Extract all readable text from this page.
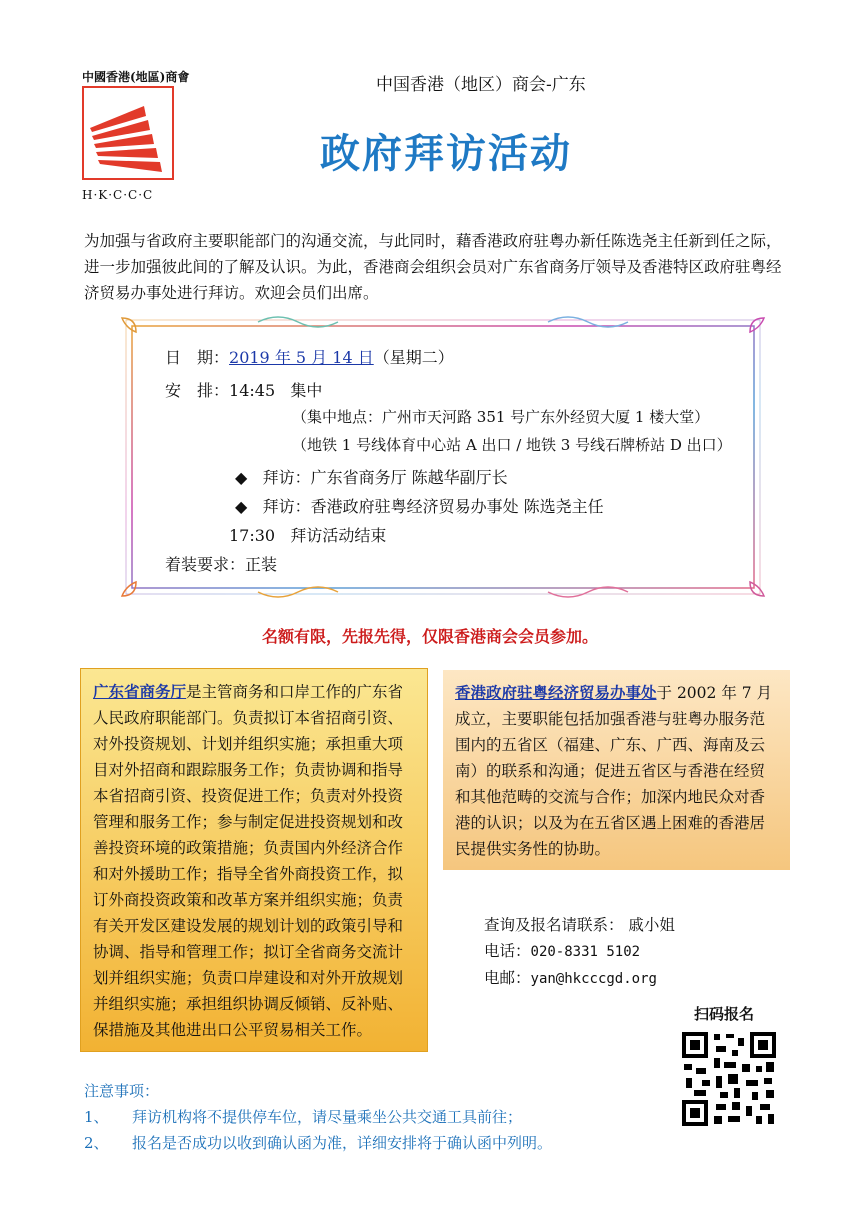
中國香港(地區)商會
H·K·C·C·C
中国香港（地区）商会-广东
政府拜访活动
为加强与省政府主要职能部门的沟通交流，与此同时，藉香港政府驻粤办新任陈选尧主任新到任之际，进一步加强彼此间的了解及认识。为此，香港商会组织会员对广东省商务厅领导及香港特区政府驻粤经济贸易办事处进行拜访。欢迎会员们出席。
日　期：2019 年 5 月 14 日（星期二）
安　排：14:45 集中
（集中地点：广州市天河路 351 号广东外经贸大厦 1 楼大堂）
（地铁 1 号线体育中心站 A 出口 / 地铁 3 号线石牌桥站 D 出口）
◆ 拜访：广东省商务厅 陈越华副厅长
◆ 拜访：香港政府驻粤经济贸易办事处 陈选尧主任
17:30 拜访活动结束
着装要求：正装
名额有限，先报先得，仅限香港商会会员参加。
广东省商务厅是主管商务和口岸工作的广东省人民政府职能部门。负责拟订本省招商引资、对外投资规划、计划并组织实施；承担重大项目对外招商和跟踪服务工作；负责协调和指导本省招商引资、投资促进工作；负责对外投资管理和服务工作；参与制定促进投资规划和改善投资环境的政策措施；负责国内外经济合作和对外援助工作；指导全省外商投资工作，拟订外商投资政策和改革方案并组织实施；负责有关开发区建设发展的规划计划的政策引导和协调、指导和管理工作；拟订全省商务交流计划并组织实施；负责口岸建设和对外开放规划并组织实施；承担组织协调反倾销、反补贴、保措施及其他进出口公平贸易相关工作。
香港政府驻粤经济贸易办事处于 2002 年 7 月成立，主要职能包括加强香港与驻粤办服务范围内的五省区（福建、广东、广西、海南及云南）的联系和沟通；促进五省区与香港在经贸和其他范畴的交流与合作；加深内地民众对香港的认识；以及为在五省区遇上困难的香港居民提供实务性的协助。
查询及报名请联系： 戚小姐
电话：020-8331 5102
电邮：yan@hkcccgd.org
扫码报名
注意事项：
1、 拜访机构将不提供停车位，请尽量乘坐公共交通工具前往；
2、 报名是否成功以收到确认函为准，详细安排将于确认函中列明。
